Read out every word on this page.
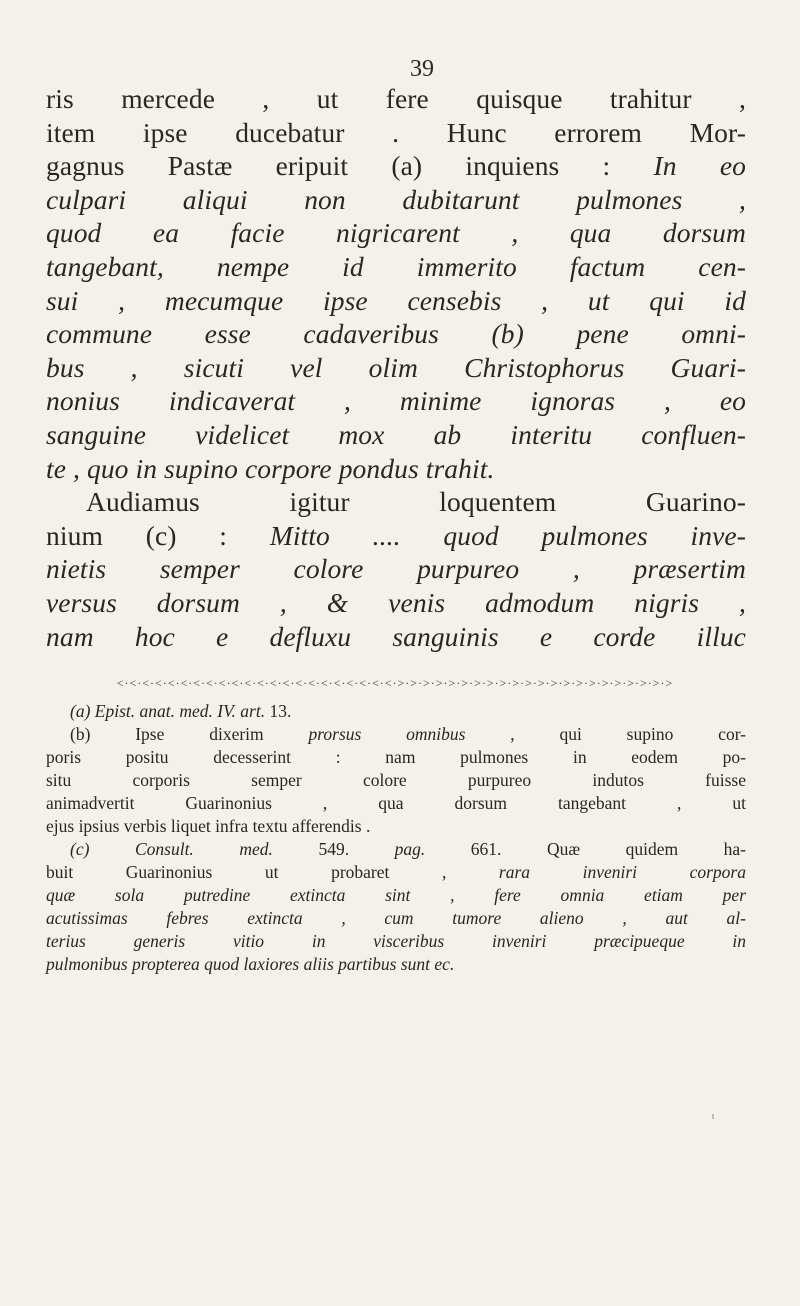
39
ris mercede , ut fere quisque trahitur ,
item ipse ducebatur . Hunc errorem Mor-
gagnus Pastæ eripuit (a) inquiens : In eo
culpari aliqui non dubitarunt pulmones ,
quod ea facie nigricarent , qua dorsum
tangebant, nempe id immerito factum cen-
sui , mecumque ipse censebis , ut qui id
commune esse cadaveribus (b) pene omni-
bus , sicuti vel olim Christophorus Guari-
nonius indicaverat , minime ignoras , eo
sanguine videlicet mox ab interitu confluen-
te , quo in supino corpore pondus trahit.
Audiamus igitur loquentem Guarino-
nium (c) : Mitto .... quod pulmones inve-
nietis semper colore purpureo , præsertim
versus dorsum , & venis admodum nigris ,
nam hoc e defluxu sanguinis e corde illuc
<·<·<·<·<·<·<·<·<·<·<·<·<·<·<·<·<·<·<·<·<·<·>·>·>·>·>·>·>·>·>·>·>·>·>·>·>·>·>·>·>·>·>·>
(a) Epist. anat. med. IV. art. 13.
(b) Ipse dixerim prorsus omnibus , qui supino cor-
poris positu decesserint : nam pulmones in eodem po-
situ corporis semper colore purpureo indutos fuisse
animadvertit Guarinonius , qua dorsum tangebant , ut
ejus ipsius verbis liquet infra textu afferendis .
(c) Consult. med. 549. pag. 661. Quæ quidem ha-
buit Guarinonius ut probaret , rara inveniri corpora
quæ sola putredine extincta sint , fere omnia etiam per
acutissimas febres extincta , cum tumore alieno , aut al-
terius generis vitio in visceribus inveniri præcipueque in
pulmonibus propterea quod laxiores aliis partibus sunt ec.
